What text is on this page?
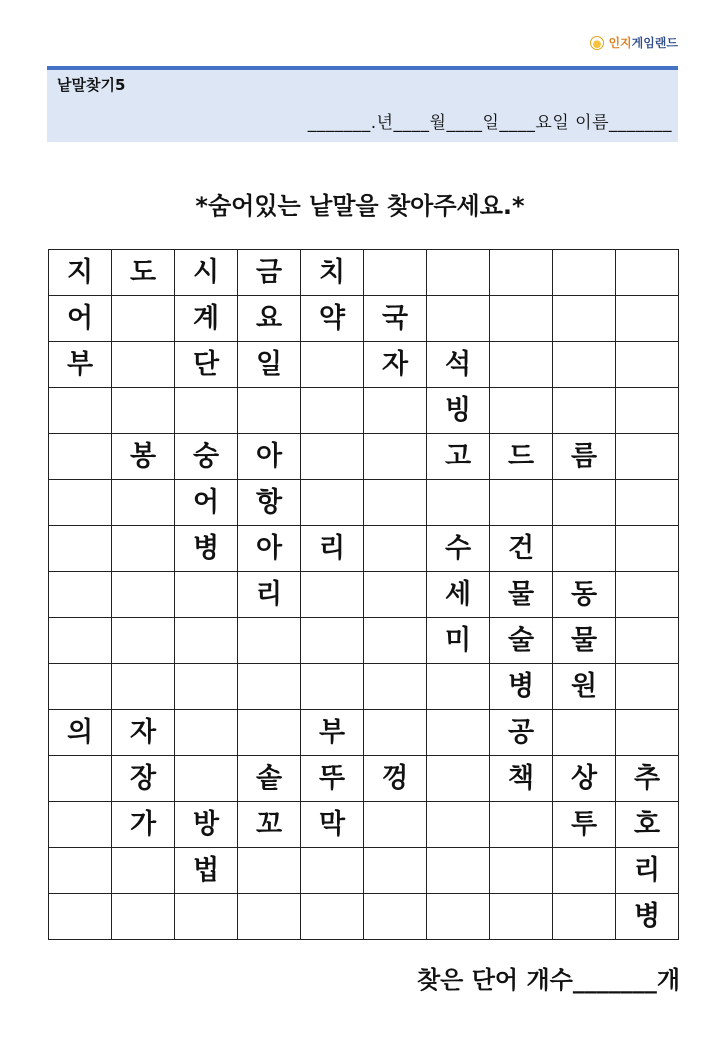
인지 게임랜드
낱말찾기5
_______.년____월____일____요일 이름_______
*숨어있는 낱말을 찾아주세요.*
지	도	시	금	치					
어		계	요	약	국				
부		단	일		자	석			
						빙			
	봉	숭	아			고	드	름	
		어	항						
		병	아	리		수	건		
			리			세	물	동	
						미	술	물	
							병	원	
의	자			부			공		
	장		솥	뚜	껑		책	상	추
	가	방	꼬	막				투	호
		법							리
									병
찾은 단어 개수_______개
